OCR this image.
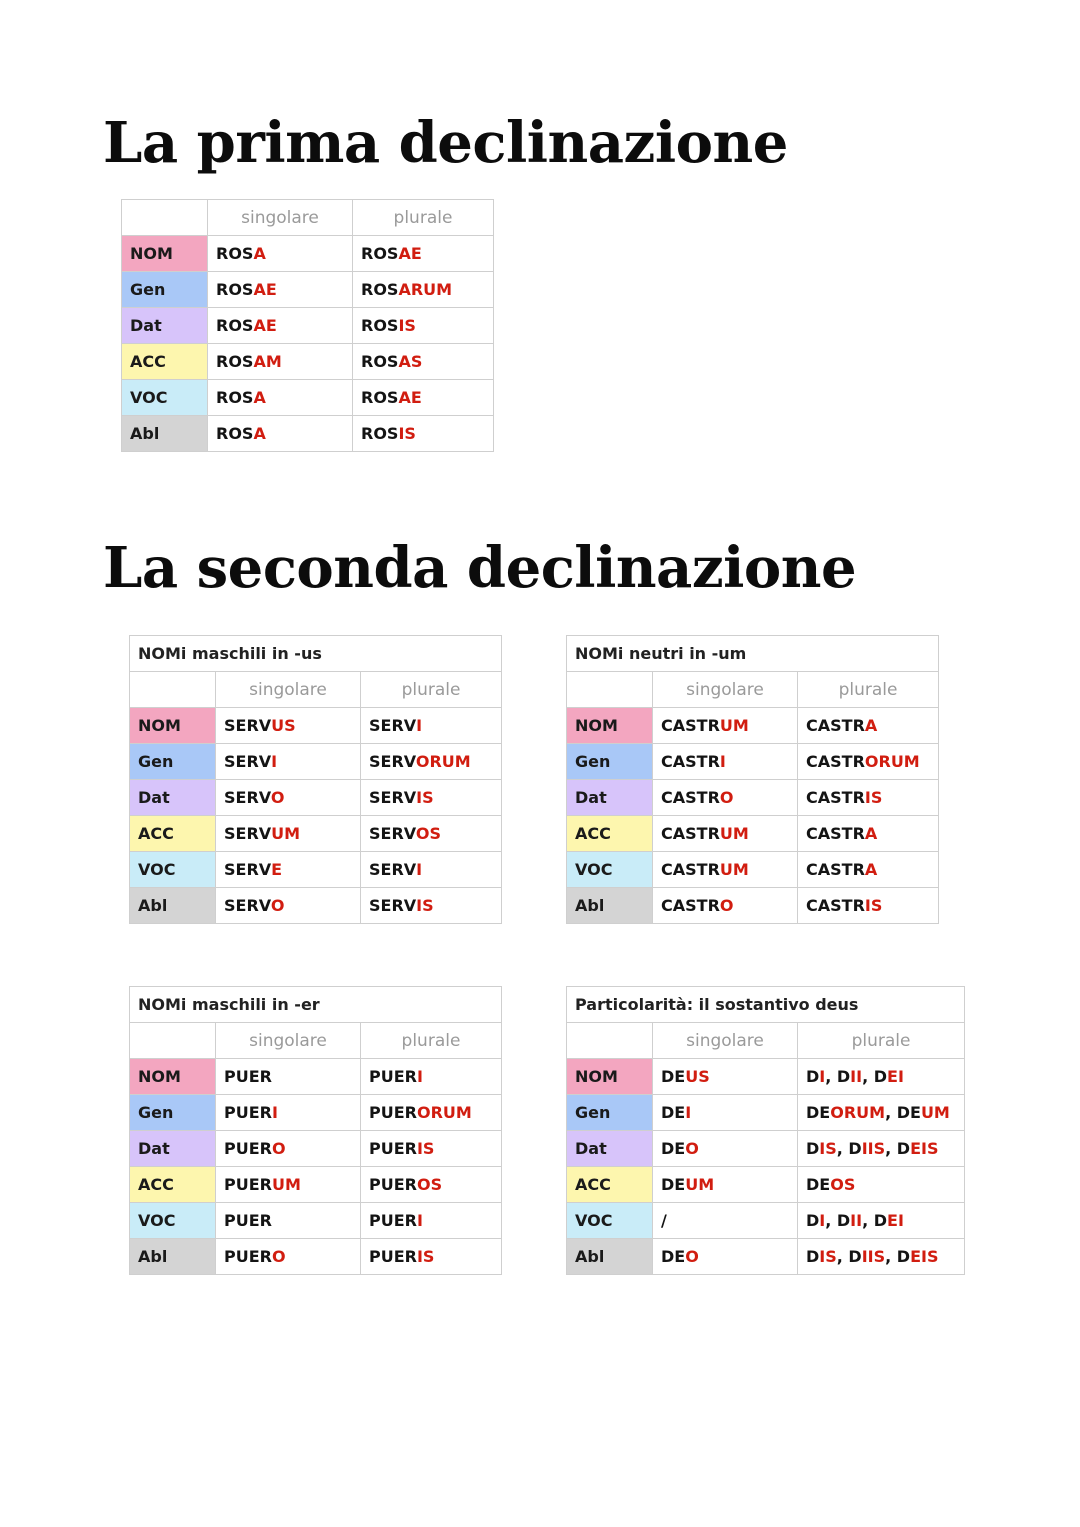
La prima declinazione
La seconda declinazione
	singolare	plurale
NOM	ROSA	ROSAE
Gen	ROSAE	ROSARUM
Dat	ROSAE	ROSIS
ACC	ROSAM	ROSAS
VOC	ROSA	ROSAE
Abl	ROSA	ROSIS
NOMi maschili in -us		
	singolare	plurale
NOM	SERVUS	SERVI
Gen	SERVI	SERVORUM
Dat	SERVO	SERVIS
ACC	SERVUM	SERVOS
VOC	SERVE	SERVI
Abl	SERVO	SERVIS
NOMi neutri in -um		
	singolare	plurale
NOM	CASTRUM	CASTRA
Gen	CASTRI	CASTRORUM
Dat	CASTRO	CASTRIS
ACC	CASTRUM	CASTRA
VOC	CASTRUM	CASTRA
Abl	CASTRO	CASTRIS
NOMi maschili in -er		
	singolare	plurale
NOM	PUER	PUERI
Gen	PUERI	PUERORUM
Dat	PUERO	PUERIS
ACC	PUERUM	PUEROS
VOC	PUER	PUERI
Abl	PUERO	PUERIS
Particolarità: il sostantivo deus		
	singolare	plurale
NOM	DEUS	DI, DII, DEI
Gen	DEI	DEORUM, DEUM
Dat	DEO	DIS, DIIS, DEIS
ACC	DEUM	DEOS
VOC	/	DI, DII, DEI
Abl	DEO	DIS, DIIS, DEIS
